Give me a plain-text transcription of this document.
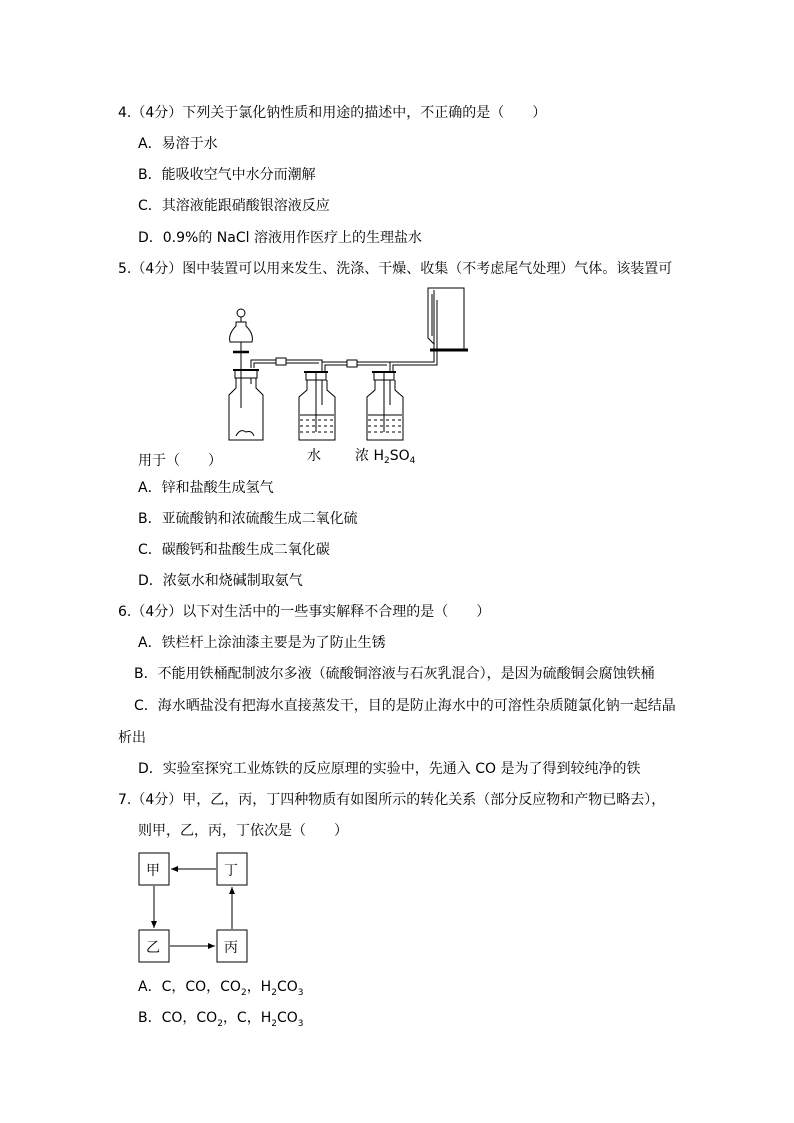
4.（4分）下列关于氯化钠性质和用途的描述中，不正确的是（　　）
A．易溶于水
B．能吸收空气中水分而潮解
C．其溶液能跟硝酸银溶液反应
D．0.9%的 NaCl 溶液用作医疗上的生理盐水
5.（4分）图中装置可以用来发生、洗涤、干燥、收集（不考虑尾气处理）气体。该装置可
水 浓 $H_2SO_4$
用于（　　）
A．锌和盐酸生成氢气
B．亚硫酸钠和浓硫酸生成二氧化硫
C．碳酸钙和盐酸生成二氧化碳
D．浓氨水和烧碱制取氨气
6.（4分）以下对生活中的一些事实解释不合理的是（　　）
A．铁栏杆上涂油漆主要是为了防止生锈
B．不能用铁桶配制波尔多液（硫酸铜溶液与石灰乳混合），是因为硫酸铜会腐蚀铁桶
C．海水晒盐没有把海水直接蒸发干，目的是防止海水中的可溶性杂质随氯化钠一起结晶
析出
D．实验室探究工业炼铁的反应原理的实验中，先通入 CO 是为了得到较纯净的铁
7.（4分）甲，乙，丙，丁四种物质有如图所示的转化关系（部分反应物和产物已略去），
则甲，乙，丙，丁依次是（　　）
甲	丁
乙	丙
A．C，CO，$CO_2$，$H_2CO_3$
B．CO，$CO_2$，C，$H_2CO_3$
